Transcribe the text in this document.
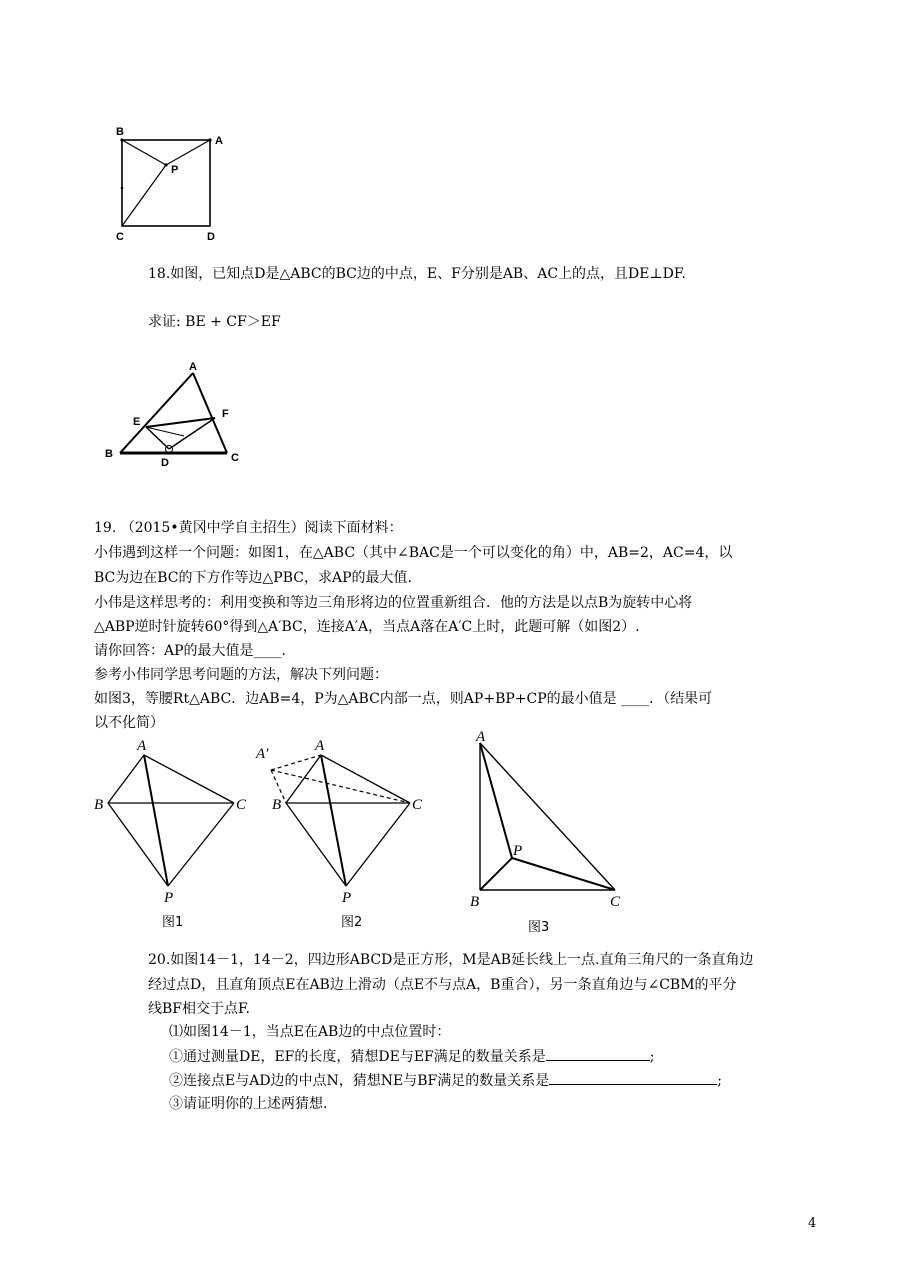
B
A
P
C	D
18.如图，已知点D是△ABC的BC边的中点，E、F分别是AB、AC上的点，且DE⊥DF.
求证: BE + CF＞EF
A
E
F
B
D	C
19. （2015•黄冈中学自主招生）阅读下面材料：
小伟遇到这样一个问题：如图1，在△ABC（其中∠BAC是一个可以变化的角）中，AB=2，AC=4，以
BC为边在BC的下方作等边△PBC，求AP的最大值.
小伟是这样思考的：利用变换和等边三角形将边的位置重新组合．他的方法是以点B为旋转中心将
△ABP逆时针旋转60°得到△A′BC，连接A′A，当点A落在A′C上时，此题可解（如图2）.
请你回答：AP的最大值是____.
参考小伟同学思考问题的方法，解决下列问题：
如图3，等腰Rt△ABC．边AB=4，P为△ABC内部一点，则AP+BP+CP的最小值是 ____．（结果可
以不化简）
A
B	C
P
A′	A
B	C
P
A
P
B	C
图1	图2	图3
20.如图14－1，14－2，四边形ABCD是正方形，M是AB延长线上一点.直角三角尺的一条直角边
经过点D，且直角顶点E在AB边上滑动（点E不与点A，B重合），另一条直角边与∠CBM的平分
线BF相交于点F.
⑴如图14－1，当点E在AB边的中点位置时：
①通过测量DE，EF的长度，猜想DE与EF满足的数量关系是	;
②连接点E与AD边的中点N，猜想NE与BF满足的数量关系是	;
③请证明你的上述两猜想.
4
